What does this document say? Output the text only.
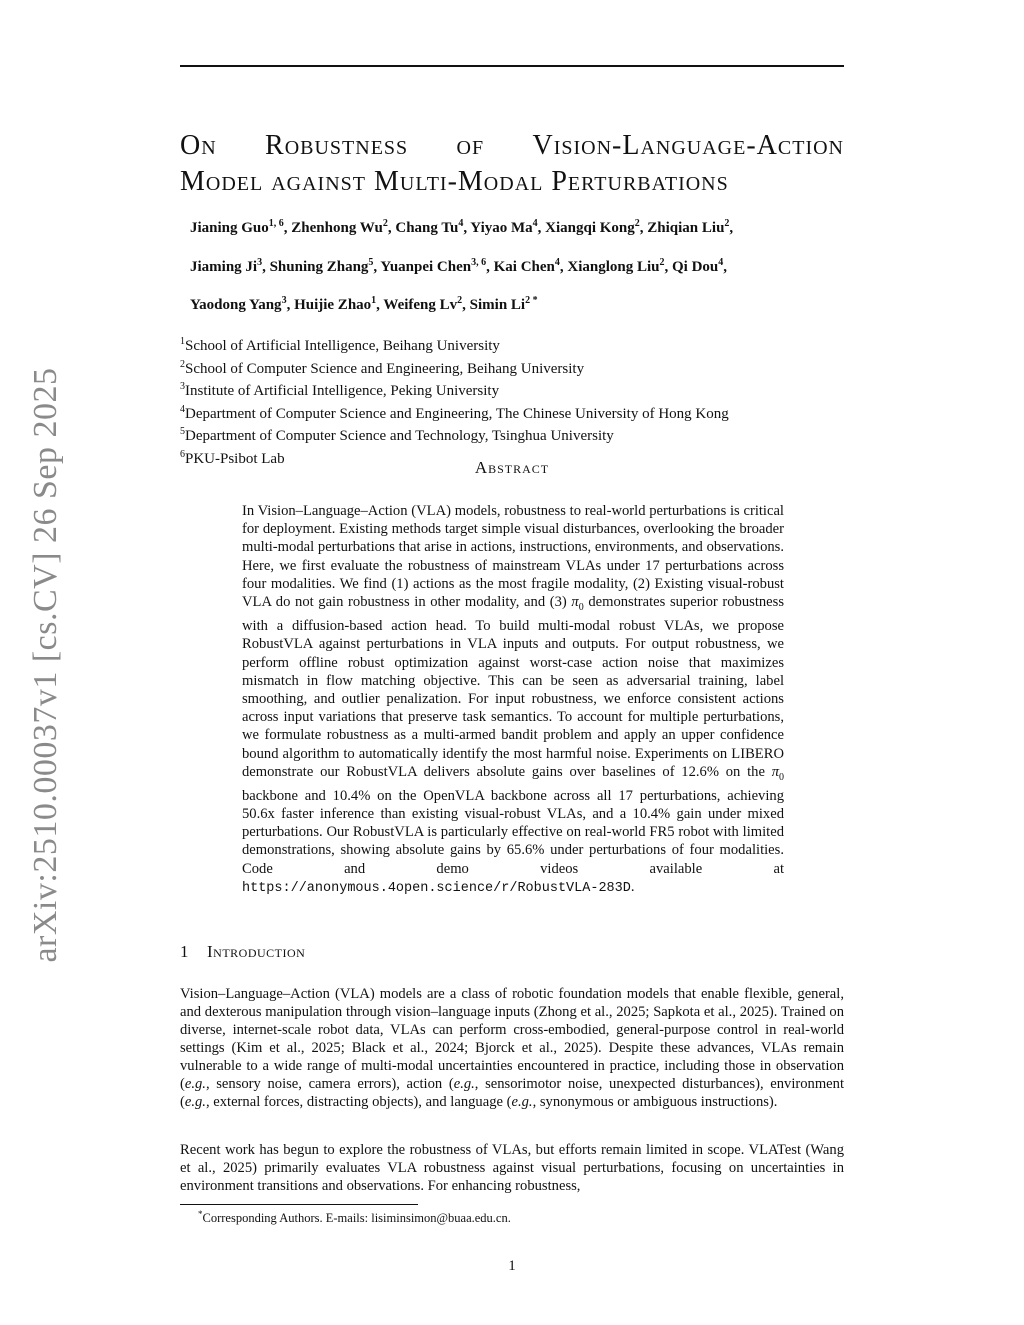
arXiv:2510.00037v1 [cs.CV] 26 Sep 2025
On Robustness of Vision-Language-Action
Model against Multi-Modal Perturbations
Jianing Guo$^{1, 6}$, Zhenhong Wu$^2$, Chang Tu$^4$, Yiyao Ma$^4$, Xiangqi Kong$^2$, Zhiqian Liu$^2$,
Jiaming Ji$^3$, Shuning Zhang$^5$, Yuanpei Chen$^{3, 6}$, Kai Chen$^4$, Xianglong Liu$^2$, Qi Dou$^4$,
Yaodong Yang$^3$, Huijie Zhao$^1$, Weifeng Lv$^2$, Simin $Li^{2 *}$
$^1$School of Artificial Intelligence, Beihang University
$^2$School of Computer Science and Engineering, Beihang University
$^3$Institute of Artificial Intelligence, Peking University
$^4$Department of Computer Science and Engineering, The Chinese University of Hong Kong
$^5$Department of Computer Science and Technology, Tsinghua University
$^6$PKU-Psibot Lab	Abstract
In Vision–Language–Action (VLA) models, robustness to real-world perturbations is critical for deployment. Existing methods target simple visual disturbances, overlooking the broader multi-modal perturbations that arise in actions, instructions, environments, and observations. Here, we first evaluate the robustness of mainstream VLAs under 17 perturbations across four modalities. We find (1) actions as the most fragile modality, (2) Existing visual-robust VLA do not gain robustness in other modality, and (3) $\pi_0$ demonstrates superior robustness with a diffusion-based action head. To build multi-modal robust VLAs, we propose RobustVLA against perturbations in VLA inputs and outputs. For output robustness, we perform offline robust optimization against worst-case action noise that maximizes mismatch in flow matching objective. This can be seen as adversarial training, label smoothing, and outlier penalization. For input robustness, we enforce consistent actions across input variations that preserve task semantics. To account for multiple perturbations, we formulate robustness as a multi-armed bandit problem and apply an upper confidence bound algorithm to automatically identify the most harmful noise. Experiments on LIBERO demonstrate our RobustVLA delivers absolute gains over baselines of 12.6% on the $\pi_0$ backbone and 10.4% on the OpenVLA backbone across all 17 perturbations, achieving 50.6x faster inference than existing visual-robust VLAs, and a 10.4% gain under mixed perturbations. Our RobustVLA is particularly effective on real-world FR5 robot with limited demonstrations, showing absolute gains by 65.6% under perturbations of four modalities. Code and demo videos available at https://anonymous.4open.science/r/RobustVLA-283D.
1 Introduction
Vision–Language–Action (VLA) models are a class of robotic foundation models that enable flexible, general, and dexterous manipulation through vision–language inputs (Zhong et al., 2025; Sapkota et al., 2025). Trained on diverse, internet-scale robot data, VLAs can perform cross-embodied, general-purpose control in real-world settings (Kim et al., 2025; Black et al., 2024; Bjorck et al., 2025). Despite these advances, VLAs remain vulnerable to a wide range of multi-modal uncertainties encountered in practice, including those in observation (e.g., sensory noise, camera errors), action (e.g., sensorimotor noise, unexpected disturbances), environment (e.g., external forces, distracting objects), and language (e.g., synonymous or ambiguous instructions).
Recent work has begun to explore the robustness of VLAs, but efforts remain limited in scope. VLATest (Wang et al., 2025) primarily evaluates VLA robustness against visual perturbations, focusing on uncertainties in environment transitions and observations. For enhancing robustness,
*Corresponding Authors. E-mails: lisiminsimon@buaa.edu.cn.
1
